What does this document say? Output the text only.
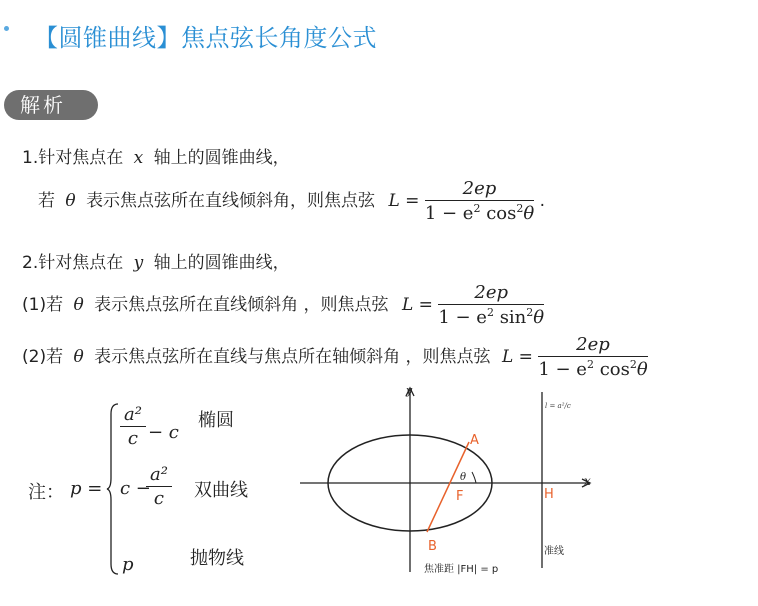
【圆锥曲线】焦点弦长角度公式
解析
1.针对焦点在 x 轴上的圆锥曲线，
若 θ 表示焦点弦所在直线倾斜角，则焦点弦 $L = \frac{2ep}{1 - e^2 \cos^2\theta}$ .
2.针对焦点在 y 轴上的圆锥曲线，
(1)若 θ 表示焦点弦所在直线倾斜角 ，则焦点弦 $L = \frac{2ep}{1 - e^2 \sin^2\theta}$
(2)若 θ 表示焦点弦所在直线与焦点所在轴倾斜角 ，则焦点弦 $L = \frac{2ep}{1 - e^2 \cos^2\theta}$
注： p =
$\frac{\text{a²}}{c} - c$
椭圆
c −
$\frac{\text{a²}}{c}$ 双曲线
p	抛物线
y
x
A
B
F	H
θ
l = a²/c
准线
焦准距 |FH| = p
